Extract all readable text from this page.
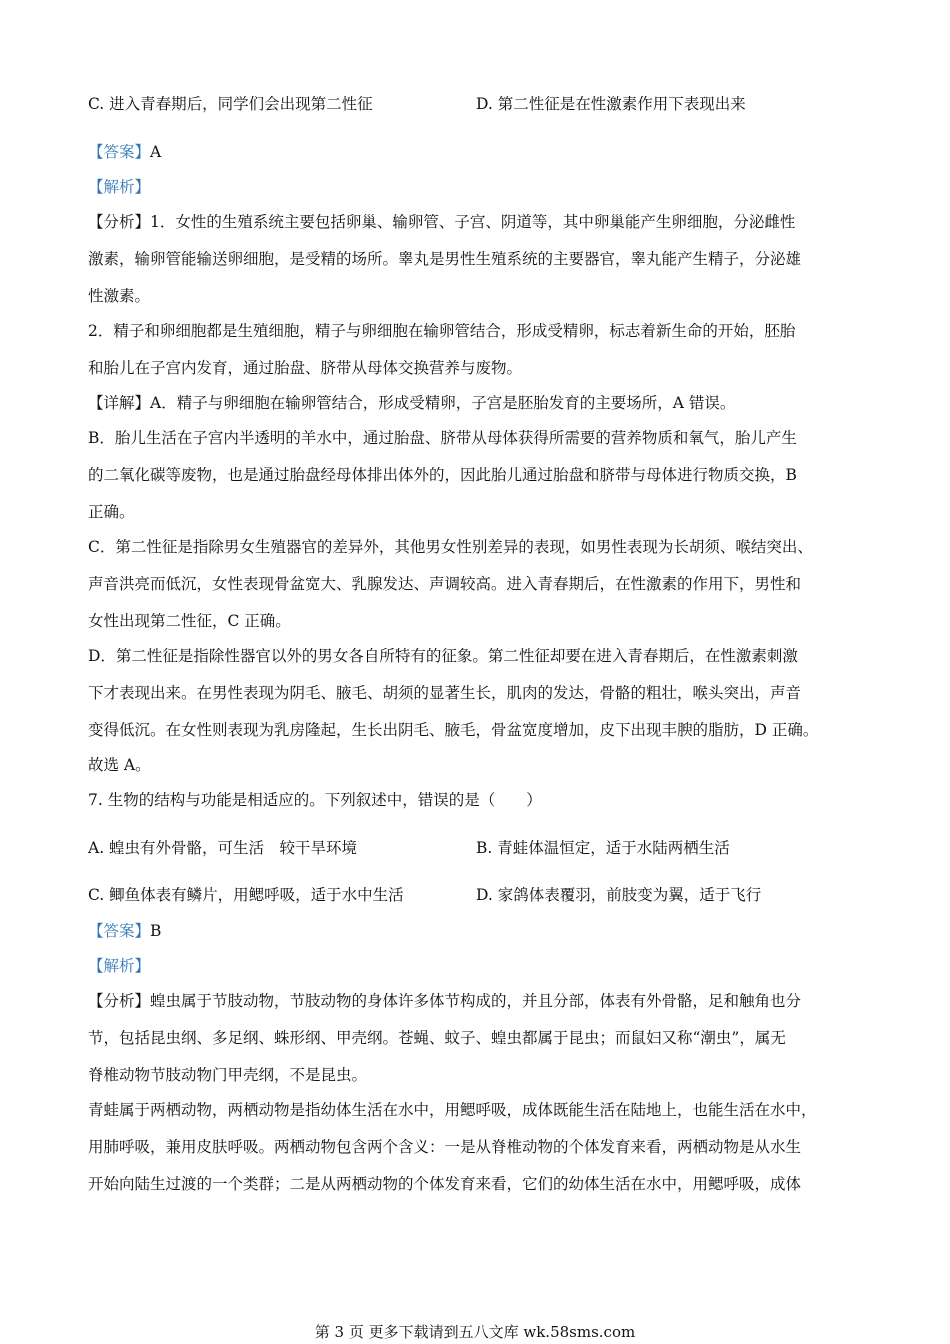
C. 进入青春期后，同学们会出现第二性征	D. 第二性征是在性激素作用下表现出来
【答案】A
【解析】
【分析】1．女性的生殖系统主要包括卵巢、输卵管、子宫、阴道等，其中卵巢能产生卵细胞，分泌雌性
激素，输卵管能输送卵细胞，是受精的场所。睾丸是男性生殖系统的主要器官，睾丸能产生精子，分泌雄
性激素。
2．精子和卵细胞都是生殖细胞，精子与卵细胞在输卵管结合，形成受精卵，标志着新生命的开始，胚胎
和胎儿在子宫内发育，通过胎盘、脐带从母体交换营养与废物。
【详解】A．精子与卵细胞在输卵管结合，形成受精卵，子宫是胚胎发育的主要场所，A 错误。
B．胎儿生活在子宫内半透明的羊水中，通过胎盘、脐带从母体获得所需要的营养物质和氧气，胎儿产生
的二氧化碳等废物，也是通过胎盘经母体排出体外的，因此胎儿通过胎盘和脐带与母体进行物质交换，B
正确。
C．第二性征是指除男女生殖器官的差异外，其他男女性别差异的表现，如男性表现为长胡须、喉结突出、
声音洪亮而低沉，女性表现骨盆宽大、乳腺发达、声调较高。进入青春期后，在性激素的作用下，男性和
女性出现第二性征，C 正确。
D．第二性征是指除性器官以外的男女各自所特有的征象。第二性征却要在进入青春期后，在性激素刺激
下才表现出来。在男性表现为阴毛、腋毛、胡须的显著生长，肌肉的发达，骨骼的粗壮，喉头突出，声音
变得低沉。在女性则表现为乳房隆起，生长出阴毛、腋毛，骨盆宽度增加，皮下出现丰腴的脂肪，D 正确。
故选 A。
7. 生物的结构与功能是相适应的。下列叙述中，错误的是（　　）
A. 蝗虫有外骨骼，可生活　较干旱环境	B. 青蛙体温恒定，适于水陆两栖生活
C. 鲫鱼体表有鳞片，用鳃呼吸，适于水中生活	D. 家鸽体表覆羽，前肢变为翼，适于飞行
【答案】B
【解析】
【分析】蝗虫属于节肢动物，节肢动物的身体许多体节构成的，并且分部，体表有外骨骼，足和触角也分
节，包括昆虫纲、多足纲、蛛形纲、甲壳纲。苍蝇、蚊子、蝗虫都属于昆虫；而鼠妇又称“潮虫”，属无
脊椎动物节肢动物门甲壳纲，不是昆虫。
青蛙属于两栖动物，两栖动物是指幼体生活在水中，用鳃呼吸，成体既能生活在陆地上，也能生活在水中，
用肺呼吸，兼用皮肤呼吸。两栖动物包含两个含义：一是从脊椎动物的个体发育来看，两栖动物是从水生
开始向陆生过渡的一个类群；二是从两栖动物的个体发育来看，它们的幼体生活在水中，用鳃呼吸，成体
第 3 页 更多下载请到五八文库 wk.58sms.com
